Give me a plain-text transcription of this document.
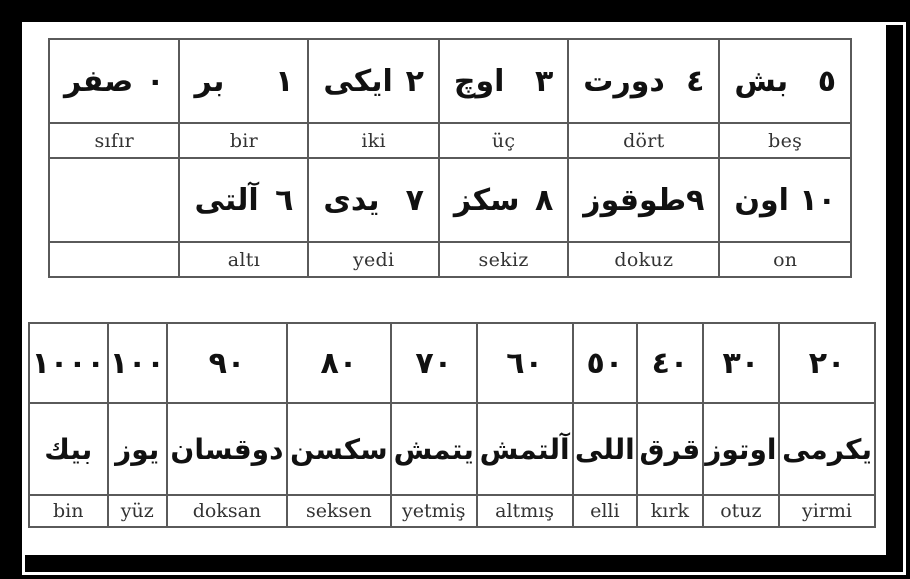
صفر ٠	بر ١	ایکی ٢	اوچ ٣	دورت ٤	بش ٥

sıfır	bir	iki	üç	dört	beş

	آلتی ٦	یدی ٧	سکز ٨	طوقوز ٩	اون ١٠

	altı	yedi	sekiz	dokuz	on
١٠٠٠	١٠٠	٩٠	٨٠	٧٠	٦٠	٥٠	٤٠	٣٠	٢٠
بیك	یوز	دوقسان	سکسن	یتمش	آلتمش	اللی	قرق	اوتوز	یکرمی
bin	yüz	doksan	seksen	yetmiş	altmış	elli	kırk	otuz	yirmi
